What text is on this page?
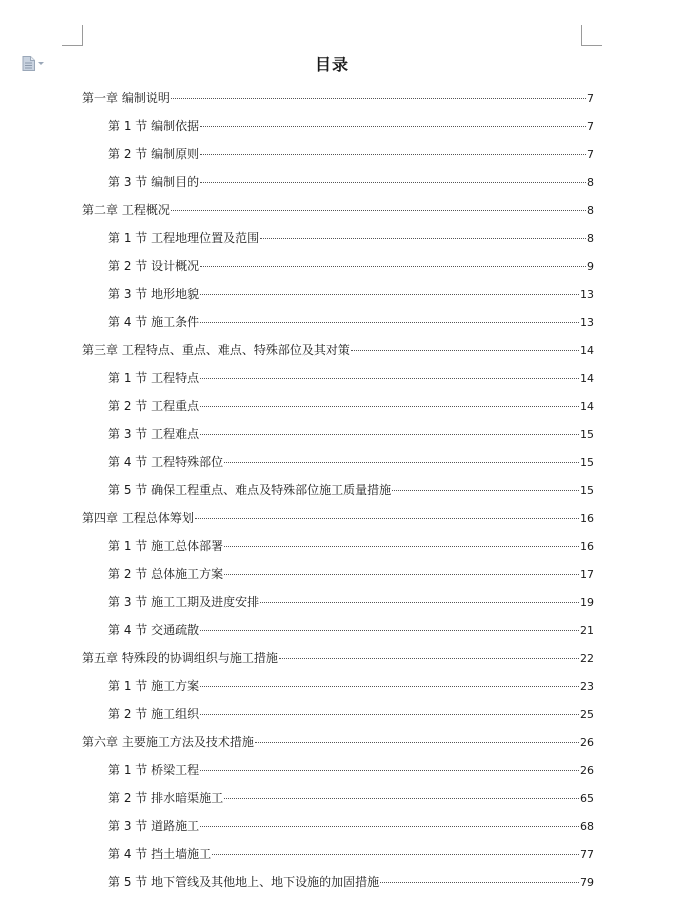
目录
第一章 编制说明	7
第 1 节 编制依据	7
第 2 节 编制原则	7
第 3 节 编制目的	8
第二章 工程概况	8
第 1 节 工程地理位置及范围	8
第 2 节 设计概况	9
第 3 节 地形地貌	13
第 4 节 施工条件	13
第三章 工程特点、重点、难点、特殊部位及其对策	14
第 1 节 工程特点	14
第 2 节 工程重点	14
第 3 节 工程难点	15
第 4 节 工程特殊部位	15
第 5 节 确保工程重点、难点及特殊部位施工质量措施	15
第四章 工程总体筹划	16
第 1 节 施工总体部署	16
第 2 节 总体施工方案	17
第 3 节 施工工期及进度安排	19
第 4 节 交通疏散	21
第五章 特殊段的协调组织与施工措施	22
第 1 节 施工方案	23
第 2 节 施工组织	25
第六章 主要施工方法及技术措施	26
第 1 节 桥梁工程	26
第 2 节 排水暗渠施工	65
第 3 节 道路施工	68
第 4 节 挡土墙施工	77
第 5 节 地下管线及其他地上、地下设施的加固措施	79
